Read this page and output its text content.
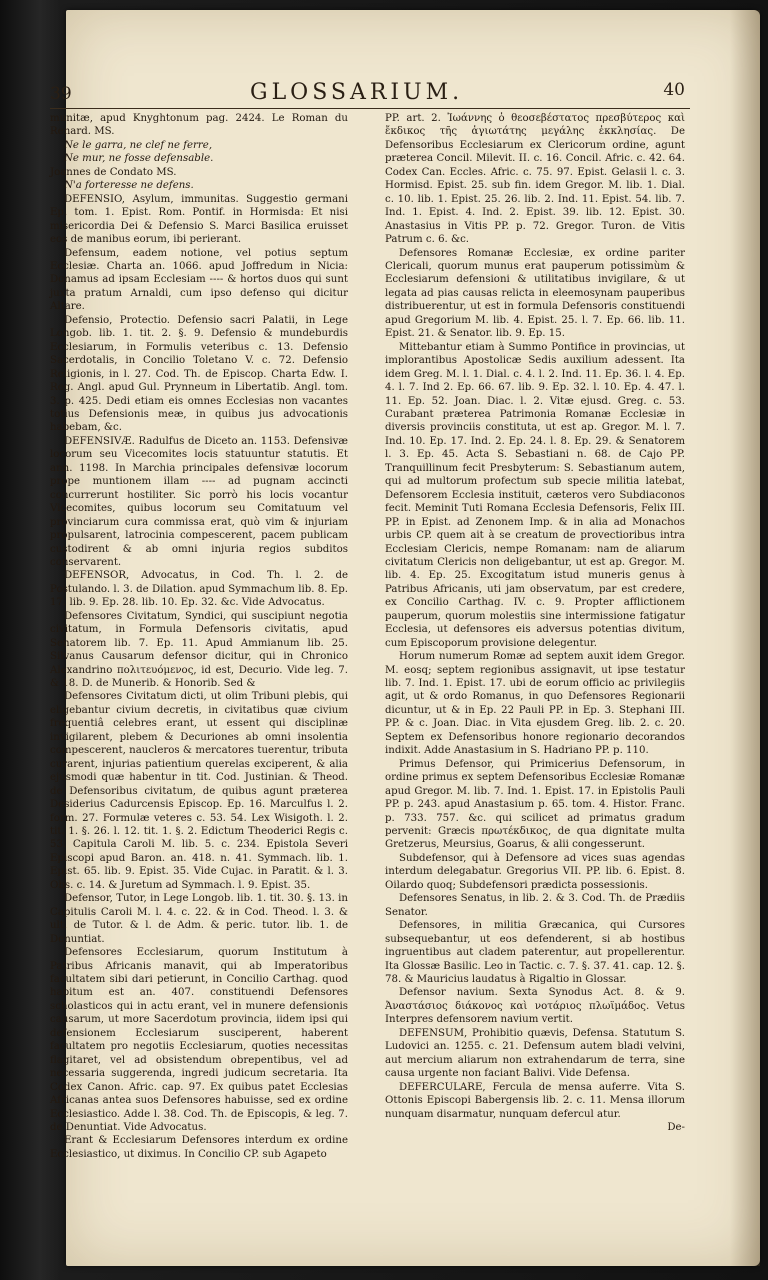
39	GLOSSARIUM.	40

munitæ, apud Knyghtonum pag. 2424. Le Roman du Renard. MS.

Ne le garra, ne clef ne ferre,

Ne mur, ne fosse defensable.

Joannes de Condato MS.

N'a forteresse ne defens.

DEFENSIO, Asylum, immunitas. Suggestio germani Ep. tom. 1. Epist. Rom. Pontif. in Hormisda: Et nisi misericordia Dei & Defensio S. Marci Basilica eruisset eos de manibus eorum, ibi perierant.

Defensum, eadem notione, vel potius septum Ecclesiæ. Charta an. 1066. apud Joffredum in Nicia: Donamus ad ipsam Ecclesiam ---- & hortos duos qui sunt juxta pratum Arnaldi, cum ipso defenso qui dicitur Altare.

Defensio, Protectio. Defensio sacri Palatii, in Lege Longob. lib. 1. tit. 2. §. 9. Defensio & mundeburdis Ecclesiarum, in Formulis veteribus c. 13. Defensio Sacerdotalis, in Concilio Toletano V. c. 72. Defensio Religionis, in l. 27. Cod. Th. de Episcop. Charta Edw. I. Reg. Angl. apud Gul. Prynneum in Libertatib. Angl. tom. 3. p. 425. Dedi etiam eis omnes Ecclesias non vacantes totius Defensionis meæ, in quibus jus advocationis habebam, &c.

DEFENSIVÆ. Radulfus de Diceto an. 1153. Defensivæ locorum seu Vicecomites locis statuuntur statutis. Et ann. 1198. In Marchia principales defensivæ locorum prope muntionem illam ---- ad pugnam accincti concurrerunt hostiliter. Sic porrò his locis vocantur Vicecomites, quibus locorum seu Comitatuum vel provinciarum cura commissa erat, quò vim & injuriam propulsarent, latrocinia compescerent, pacem publicam custodirent & ab omni injuria regios subditos conservarent.

DEFENSOR, Advocatus, in Cod. Th. l. 2. de Postulando. l. 3. de Dilation. apud Symmachum lib. 8. Ep. 17. lib. 9. Ep. 28. lib. 10. Ep. 32. &c. Vide Advocatus.

Defensores Civitatum, Syndici, qui suscipiunt negotia civitatum, in Formula Defensoris civitatis, apud Senatorem lib. 7. Ep. 11. Apud Ammianum lib. 25. Silvanus Causarum defensor dicitur, qui in Chronico Alexandrino πολιτευόμενος, id est, Decurio. Vide leg. 7. & 18. D. de Munerib. & Honorib. Sed &

Defensores Civitatum dicti, ut olim Tribuni plebis, qui eligebantur civium decretis, in civitatibus quæ civium frequentiâ celebres erant, ut essent qui disciplinæ invigilarent, plebem & Decuriones ab omni insolentia compescerent, naucleros & mercatores tuerentur, tributa curarent, injurias patientium querelas exciperent, & alia ejusmodi quæ habentur in tit. Cod. Justinian. & Theod. de Defensoribus civitatum, de quibus agunt præterea Desiderius Cadurcensis Episcop. Ep. 16. Marculfus l. 2. form. 27. Formulæ veteres c. 53. 54. Lex Wisigoth. l. 2. tit. 1. §. 26. l. 12. tit. 1. §. 2. Edictum Theoderici Regis c. 53. Capitula Caroli M. lib. 5. c. 234. Epistola Severi Episcopi apud Baron. an. 418. n. 41. Symmach. lib. 1. Epist. 65. lib. 9. Epist. 35. Vide Cujac. in Paratit. & l. 3. Obs. c. 14. & Juretum ad Symmach. l. 9. Epist. 35.

Defensor, Tutor, in Lege Longob. lib. 1. tit. 30. §. 13. in Capitulis Caroli M. l. 4. c. 22. & in Cod. Theod. l. 3. & ult. de Tutor. & l. de Adm. & peric. tutor. lib. 1. de Denuntiat.

Defensores Ecclesiarum, quorum Institutum à Patribus Africanis manavit, qui ab Imperatoribus facultatem sibi dari petierunt, in Concilio Carthag. quod habitum est an. 407. constituendi Defensores scholasticos qui in actu erant, vel in munere defensionis causarum, ut more Sacerdotum provincia, iidem ipsi qui defensionem Ecclesiarum susciperent, haberent facultatem pro negotiis Ecclesiarum, quoties necessitas flagitaret, vel ad obsistendum obrepentibus, vel ad necessaria suggerenda, ingredi judicum secretaria. Ita Codex Canon. Afric. cap. 97. Ex quibus patet Ecclesias Africanas antea suos Defensores habuisse, sed ex ordine Ecclesiastico. Adde l. 38. Cod. Th. de Episcopis, & leg. 7. de Denuntiat. Vide Advocatus.

Erant & Ecclesiarum Defensores interdum ex ordine Ecclesiastico, ut diximus. In Concilio CP. sub Agapeto

PP. art. 2. Ἰωάννης ὁ θεοσεβέστατος πρεσβύτερος καὶ ἔκδικος τῆς ἁγιωτάτης μεγάλης ἐκκλησίας. De Defensoribus Ecclesiarum ex Clericorum ordine, agunt præterea Concil. Milevit. II. c. 16. Concil. Afric. c. 42. 64. Codex Can. Eccles. Afric. c. 75. 97. Epist. Gelasii l. c. 3. Hormisd. Epist. 25. sub fin. idem Gregor. M. lib. 1. Dial. c. 10. lib. 1. Epist. 25. 26. lib. 2. Ind. 11. Epist. 54. lib. 7. Ind. 1. Epist. 4. Ind. 2. Epist. 39. lib. 12. Epist. 30. Anastasius in Vitis PP. p. 72. Gregor. Turon. de Vitis Patrum c. 6. &c.

Defensores Romanæ Ecclesiæ, ex ordine pariter Clericali, quorum munus erat pauperum potissimùm & Ecclesiarum defensioni & utilitatibus invigilare, & ut legata ad pias causas relicta in eleemosynam pauperibus distribuerentur, ut est in formula Defensoris constituendi apud Gregorium M. lib. 4. Epist. 25. l. 7. Ep. 66. lib. 11. Epist. 21. & Senator. lib. 9. Ep. 15.

Mittebantur etiam à Summo Pontifice in provincias, ut implorantibus Apostolicæ Sedis auxilium adessent. Ita idem Greg. M. l. 1. Dial. c. 4. l. 2. Ind. 11. Ep. 36. l. 4. Ep. 4. l. 7. Ind 2. Ep. 66. 67. lib. 9. Ep. 32. l. 10. Ep. 4. 47. l. 11. Ep. 52. Joan. Diac. l. 2. Vitæ ejusd. Greg. c. 53. Curabant præterea Patrimonia Romanæ Ecclesiæ in diversis provinciis constituta, ut est ap. Gregor. M. l. 7. Ind. 10. Ep. 17. Ind. 2. Ep. 24. l. 8. Ep. 29. & Senatorem l. 3. Ep. 45. Acta S. Sebastiani n. 68. de Cajo PP. Tranquillinum fecit Presbyterum: S. Sebastianum autem, qui ad multorum profectum sub specie militia latebat, Defensorem Ecclesia instituit, cæteros vero Subdiaconos fecit. Meminit Tuti Romana Ecclesia Defensoris, Felix III. PP. in Epist. ad Zenonem Imp. & in alia ad Monachos urbis CP. quem ait à se creatum de provectioribus intra Ecclesiam Clericis, nempe Romanam: nam de aliarum civitatum Clericis non deligebantur, ut est ap. Gregor. M. lib. 4. Ep. 25. Excogitatum istud muneris genus à Patribus Africanis, uti jam observatum, par est credere, ex Concilio Carthag. IV. c. 9. Propter afflictionem pauperum, quorum molestiis sine intermissione fatigatur Ecclesia, ut defensores eis adversus potentias divitum, cum Episcoporum provisione delegentur.

Horum numerum Romæ ad septem auxit idem Gregor. M. eosq; septem regionibus assignavit, ut ipse testatur lib. 7. Ind. 1. Epist. 17. ubi de eorum officio ac privilegiis agit, ut & ordo Romanus, in quo Defensores Regionarii dicuntur, ut & in Ep. 22 Pauli PP. in Ep. 3. Stephani III. PP. & c. Joan. Diac. in Vita ejusdem Greg. lib. 2. c. 20. Septem ex Defensoribus honore regionario decorandos indixit. Adde Anastasium in S. Hadriano PP. p. 110.

Primus Defensor, qui Primicerius Defensorum, in ordine primus ex septem Defensoribus Ecclesiæ Romanæ apud Gregor. M. lib. 7. Ind. 1. Epist. 17. in Epistolis Pauli PP. p. 243. apud Anastasium p. 65. tom. 4. Histor. Franc. p. 733. 757. &c. qui scilicet ad primatus gradum pervenit: Græcis πρωτέκδικος, de qua dignitate multa Gretzerus, Meursius, Goarus, & alii congesserunt.

Subdefensor, qui à Defensore ad vices suas agendas interdum delegabatur. Gregorius VII. PP. lib. 6. Epist. 8. Oilardo quoq; Subdefensori prædicta possessionis.

Defensores Senatus, in lib. 2. & 3. Cod. Th. de Prædiis Senator.

Defensores, in militia Græcanica, qui Cursores subsequebantur, ut eos defenderent, si ab hostibus ingruentibus aut cladem paterentur, aut propellerentur. Ita Glossæ Basilic. Leo in Tactic. c. 7. §. 37. 41. cap. 12. §. 78. & Mauricius laudatus à Rigaltio in Glossar.

Defensor navium. Sexta Synodus Act. 8. & 9. Ἀναστάσιος διάκονος καὶ νοτάριος πλωϊμάδος. Vetus Interpres defensorem navium vertit.

DEFENSUM, Prohibitio quævis, Defensa. Statutum S. Ludovici an. 1255. c. 21. Defensum autem bladi velvini, aut mercium aliarum non extrahendarum de terra, sine causa urgente non faciant Balivi. Vide Defensa.

DEFERCULARE, Fercula de mensa auferre. Vita S. Ottonis Episcopi Babergensis lib. 2. c. 11. Mensa illorum nunquam disarmatur, nunquam defercul atur.

De-
